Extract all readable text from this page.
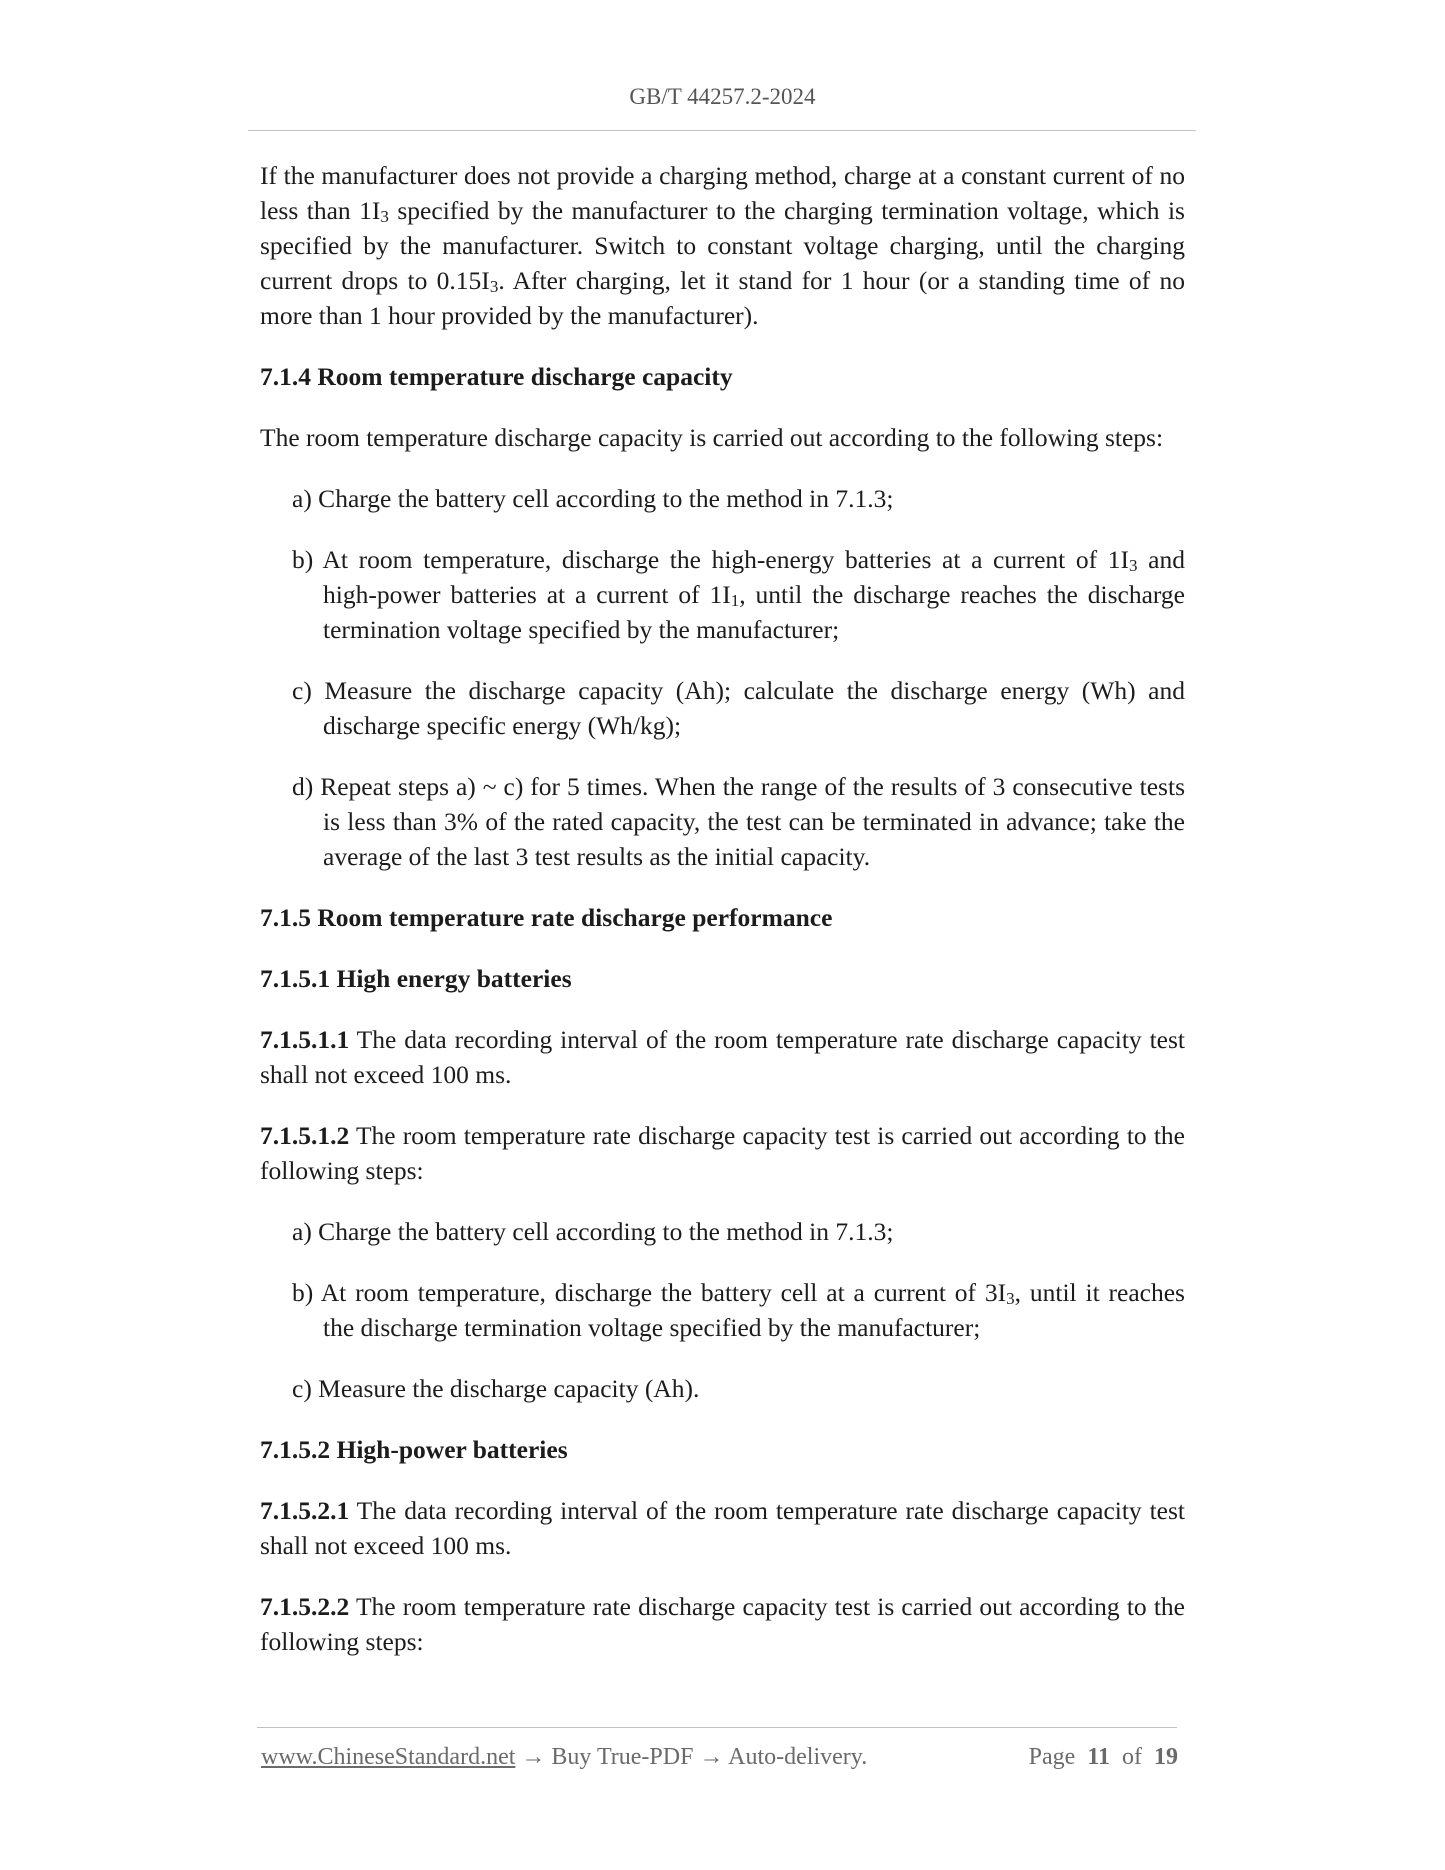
GB/T 44257.2-2024

If the manufacturer does not provide a charging method, charge at a constant current of no less than $1I_3$ specified by the manufacturer to the charging termination voltage, which is specified by the manufacturer. Switch to constant voltage charging, until the charging current drops to $0.15I_3$. After charging, let it stand for 1 hour (or a standing time of no more than 1 hour provided by the manufacturer).

7.1.4 Room temperature discharge capacity

The room temperature discharge capacity is carried out according to the following steps:

a) Charge the battery cell according to the method in 7.1.3;

b) At room temperature, discharge the high-energy batteries at a current of $1I_3$ and high-power batteries at a current of $1I_1$, until the discharge reaches the discharge termination voltage specified by the manufacturer;

c) Measure the discharge capacity (Ah); calculate the discharge energy (Wh) and discharge specific energy (Wh/kg);

d) Repeat steps a) ~ c) for 5 times. When the range of the results of 3 consecutive tests is less than 3% of the rated capacity, the test can be terminated in advance; take the average of the last 3 test results as the initial capacity.

7.1.5 Room temperature rate discharge performance

7.1.5.1 High energy batteries

7.1.5.1.1 The data recording interval of the room temperature rate discharge capacity test shall not exceed 100 ms.

7.1.5.1.2 The room temperature rate discharge capacity test is carried out according to the following steps:

a) Charge the battery cell according to the method in 7.1.3;

b) At room temperature, discharge the battery cell at a current of $3I_3$, until it reaches the discharge termination voltage specified by the manufacturer;

c) Measure the discharge capacity (Ah).

7.1.5.2 High-power batteries

7.1.5.2.1 The data recording interval of the room temperature rate discharge capacity test shall not exceed 100 ms.

7.1.5.2.2 The room temperature rate discharge capacity test is carried out according to the following steps:

www.ChineseStandard.net → Buy True-PDF → Auto-delivery.	Page 11 of 19
